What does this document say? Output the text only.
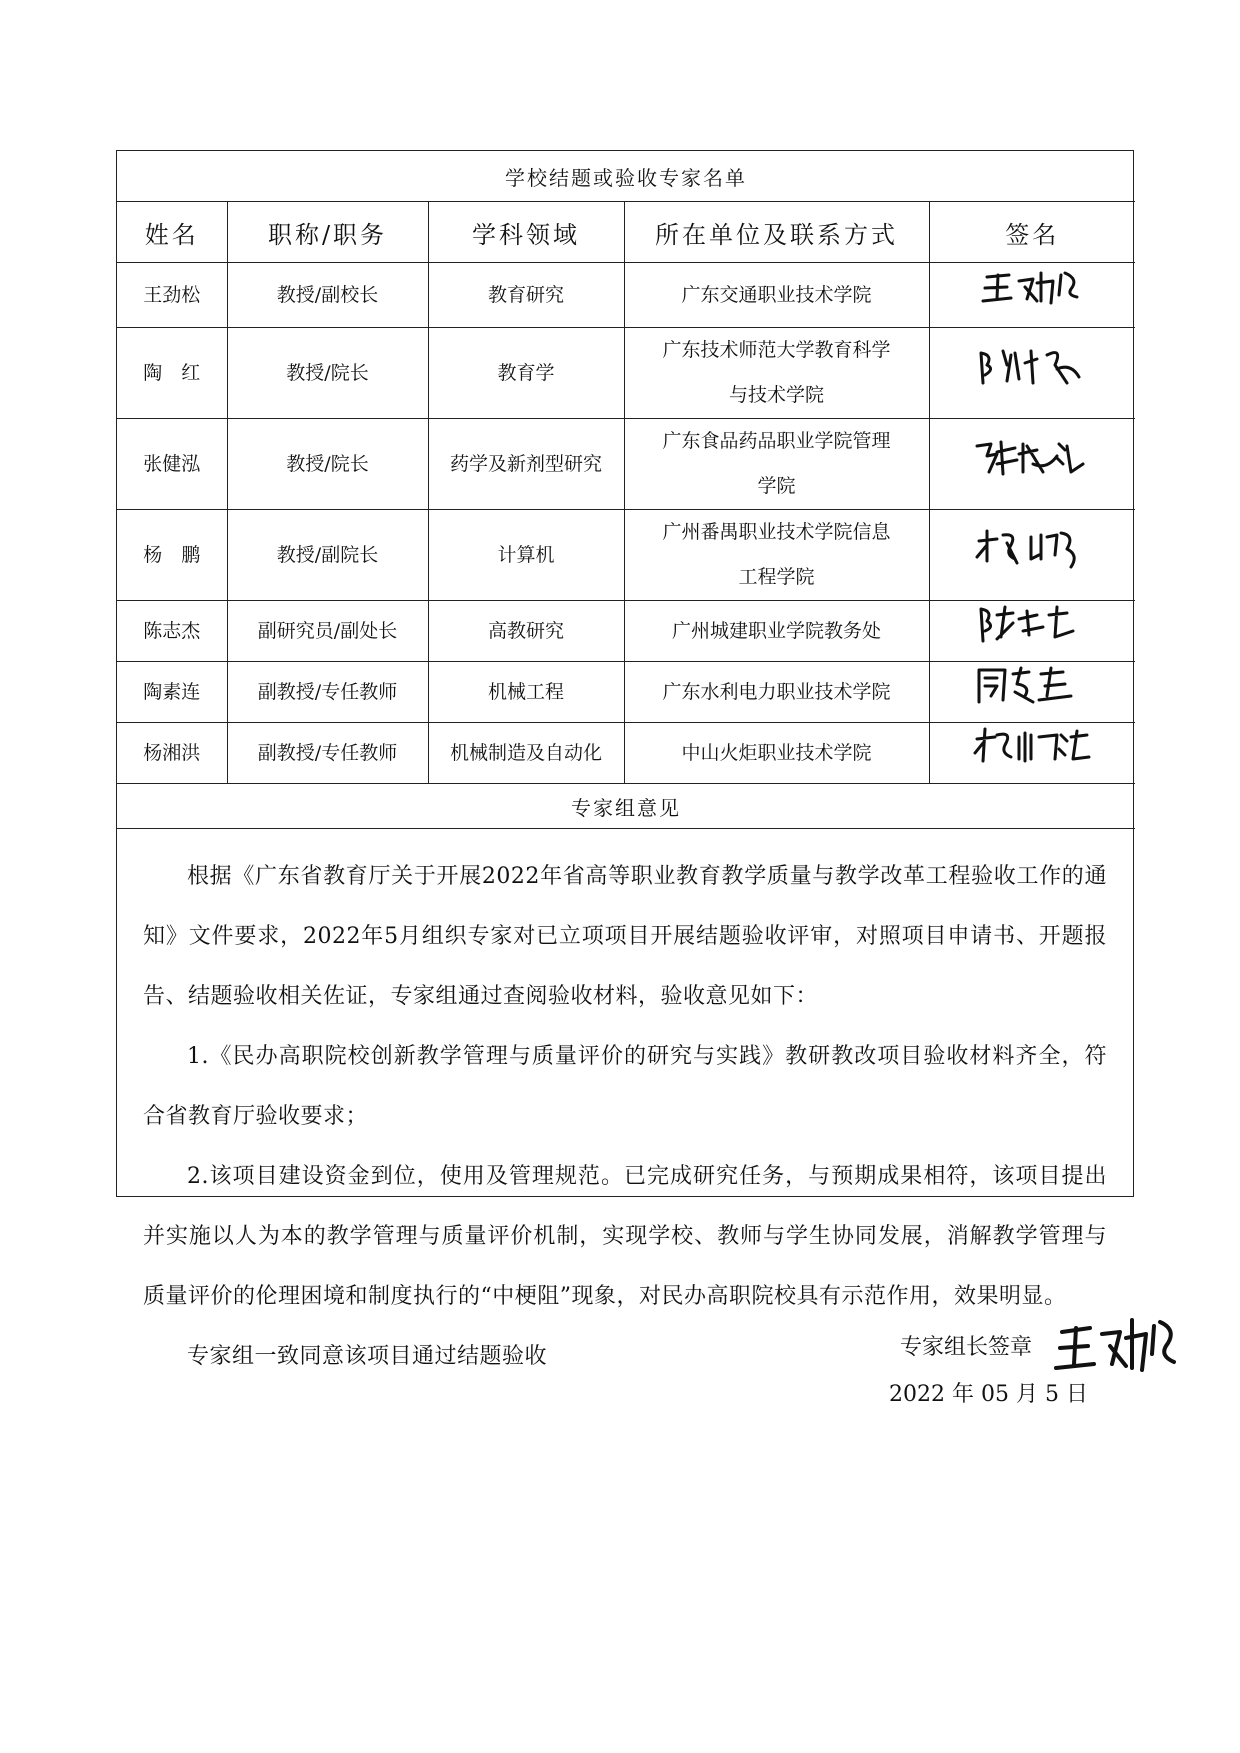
学校结题或验收专家名单				
姓名	职称/职务	学科领域	所在单位及联系方式	签名
王劲松	教授/副校长	教育研究	广东交通职业技术学院	
陶　红	教授/院长	教育学	广东技术师范大学教育科学
与技术学院	
张健泓	教授/院长	药学及新剂型研究	广东食品药品职业学院管理
学院	
杨　鹏	教授/副院长	计算机	广州番禺职业技术学院信息
工程学院	
陈志杰	副研究员/副处长	高教研究	广州城建职业学院教务处	
陶素连	副教授/专任教师	机械工程	广东水利电力职业技术学院	
杨湘洪	副教授/专任教师	机械制造及自动化	中山火炬职业技术学院	
专家组意见				

根据《广东省教育厅关于开展2022年省高等职业教育教学质量与教学改革工程验收工作的通知》文件要求，2022年5月组织专家对已立项项目开展结题验收评审，对照项目申请书、开题报告、结题验收相关佐证，专家组通过查阅验收材料，验收意见如下：

1.《民办高职院校创新教学管理与质量评价的研究与实践》教研教改项目验收材料齐全，符合省教育厅验收要求；

2.该项目建设资金到位，使用及管理规范。已完成研究任务，与预期成果相符，该项目提出并实施以人为本的教学管理与质量评价机制，实现学校、教师与学生协同发展，消解教学管理与质量评价的伦理困境和制度执行的“中梗阻”现象，对民办高职院校具有示范作用，效果明显。

专家组一致同意该项目通过结题验收	专家组长签章
2022 年 05 月 5 日
